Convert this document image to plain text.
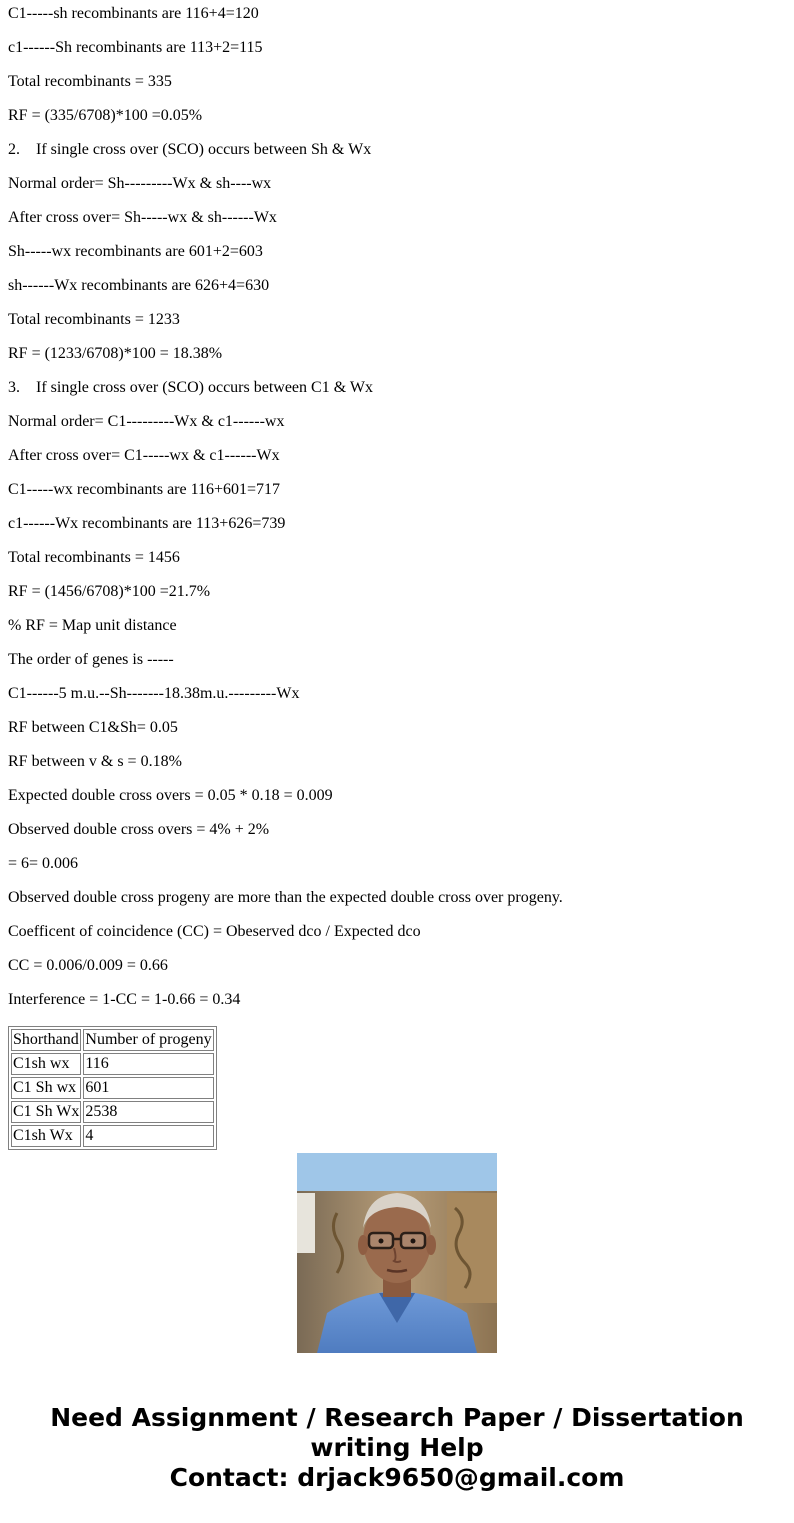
C1-----sh recombinants are 116+4=120
c1------Sh recombinants are 113+2=115
Total recombinants = 335
RF = (335/6708)*100 =0.05%
2.    If single cross over (SCO) occurs between Sh & Wx
Normal order= Sh---------Wx & sh----wx
After cross over= Sh-----wx & sh------Wx
Sh-----wx recombinants are 601+2=603
sh------Wx recombinants are 626+4=630
Total recombinants = 1233
RF = (1233/6708)*100 = 18.38%
3.    If single cross over (SCO) occurs between C1 & Wx
Normal order= C1---------Wx & c1------wx
After cross over= C1-----wx & c1------Wx
C1-----wx recombinants are 116+601=717
c1------Wx recombinants are 113+626=739
Total recombinants = 1456
RF = (1456/6708)*100 =21.7%
% RF = Map unit distance
The order of genes is -----
C1------5 m.u.--Sh-------18.38m.u.---------Wx
RF between C1&Sh= 0.05
RF between v & s = 0.18%
Expected double cross overs = 0.05 * 0.18 = 0.009
Observed double cross overs = 4% + 2%
= 6= 0.006
Observed double cross progeny are more than the expected double cross over progeny.
Coefficent of coincidence (CC) = Obeserved dco / Expected dco
CC = 0.006/0.009 = 0.66
Interference = 1-CC = 1-0.66 = 0.34
Shorthand	Number of progeny
C1sh wx	116
C1 Sh wx	601
C1 Sh Wx	2538
C1sh Wx	4
Need Assignment / Research Paper / Dissertation
writing Help
Contact: drjack9650@gmail.com
